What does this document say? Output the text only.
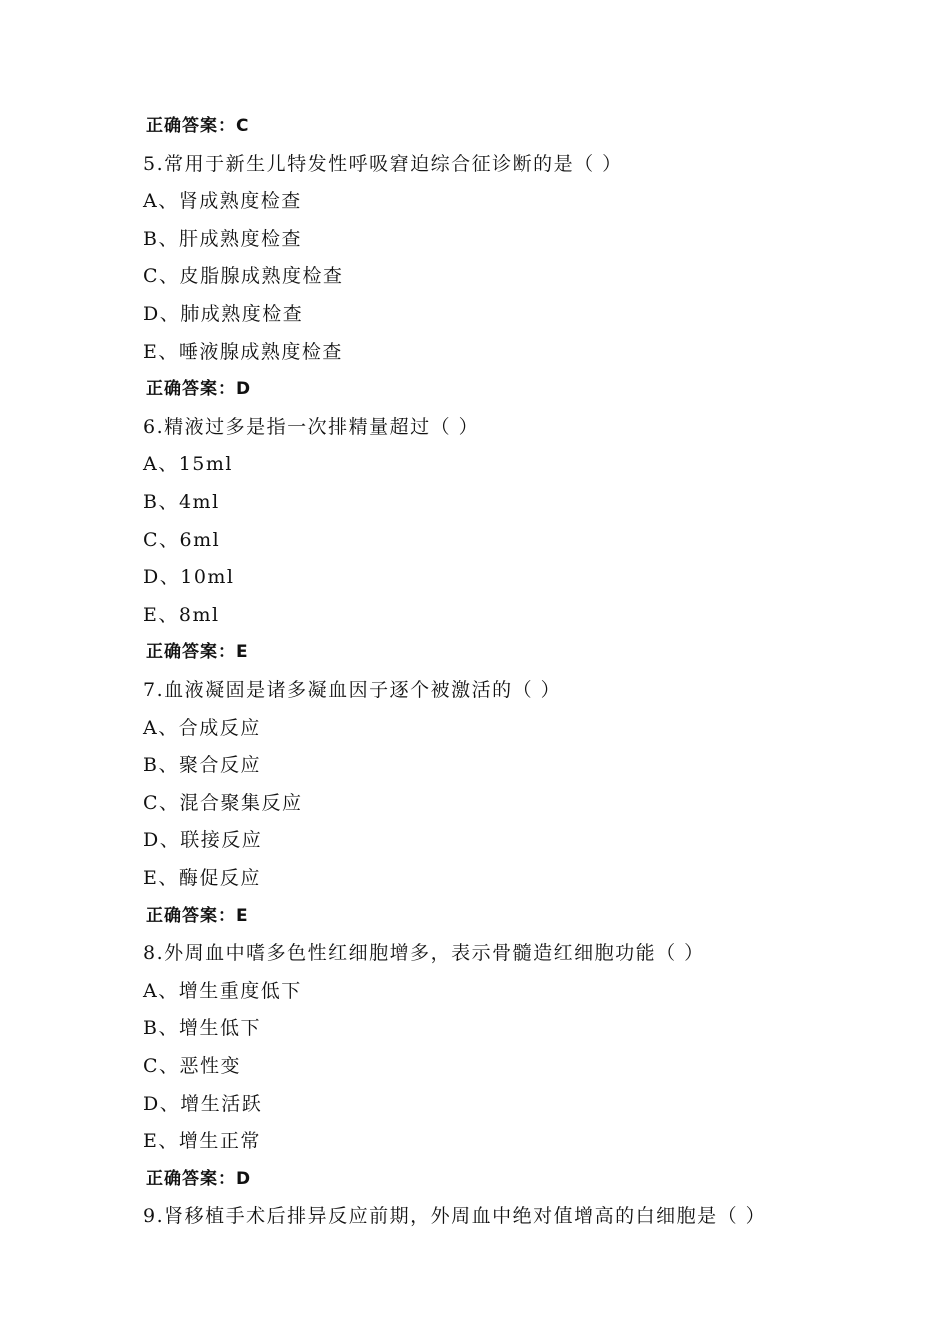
正确答案：C
5.常用于新生儿特发性呼吸窘迫综合征诊断的是（ ）
A、肾成熟度检查
B、肝成熟度检查
C、皮脂腺成熟度检查
D、肺成熟度检查
E、唾液腺成熟度检查
正确答案：D
6.精液过多是指一次排精量超过（ ）
A、15ml
B、4ml
C、6ml
D、10ml
E、8ml
正确答案：E
7.血液凝固是诸多凝血因子逐个被激活的（ ）
A、合成反应
B、聚合反应
C、混合聚集反应
D、联接反应
E、酶促反应
正确答案：E
8.外周血中嗜多色性红细胞增多，表示骨髓造红细胞功能（ ）
A、增生重度低下
B、增生低下
C、恶性变
D、增生活跃
E、增生正常
正确答案：D
9.肾移植手术后排异反应前期，外周血中绝对值增高的白细胞是（ ）
